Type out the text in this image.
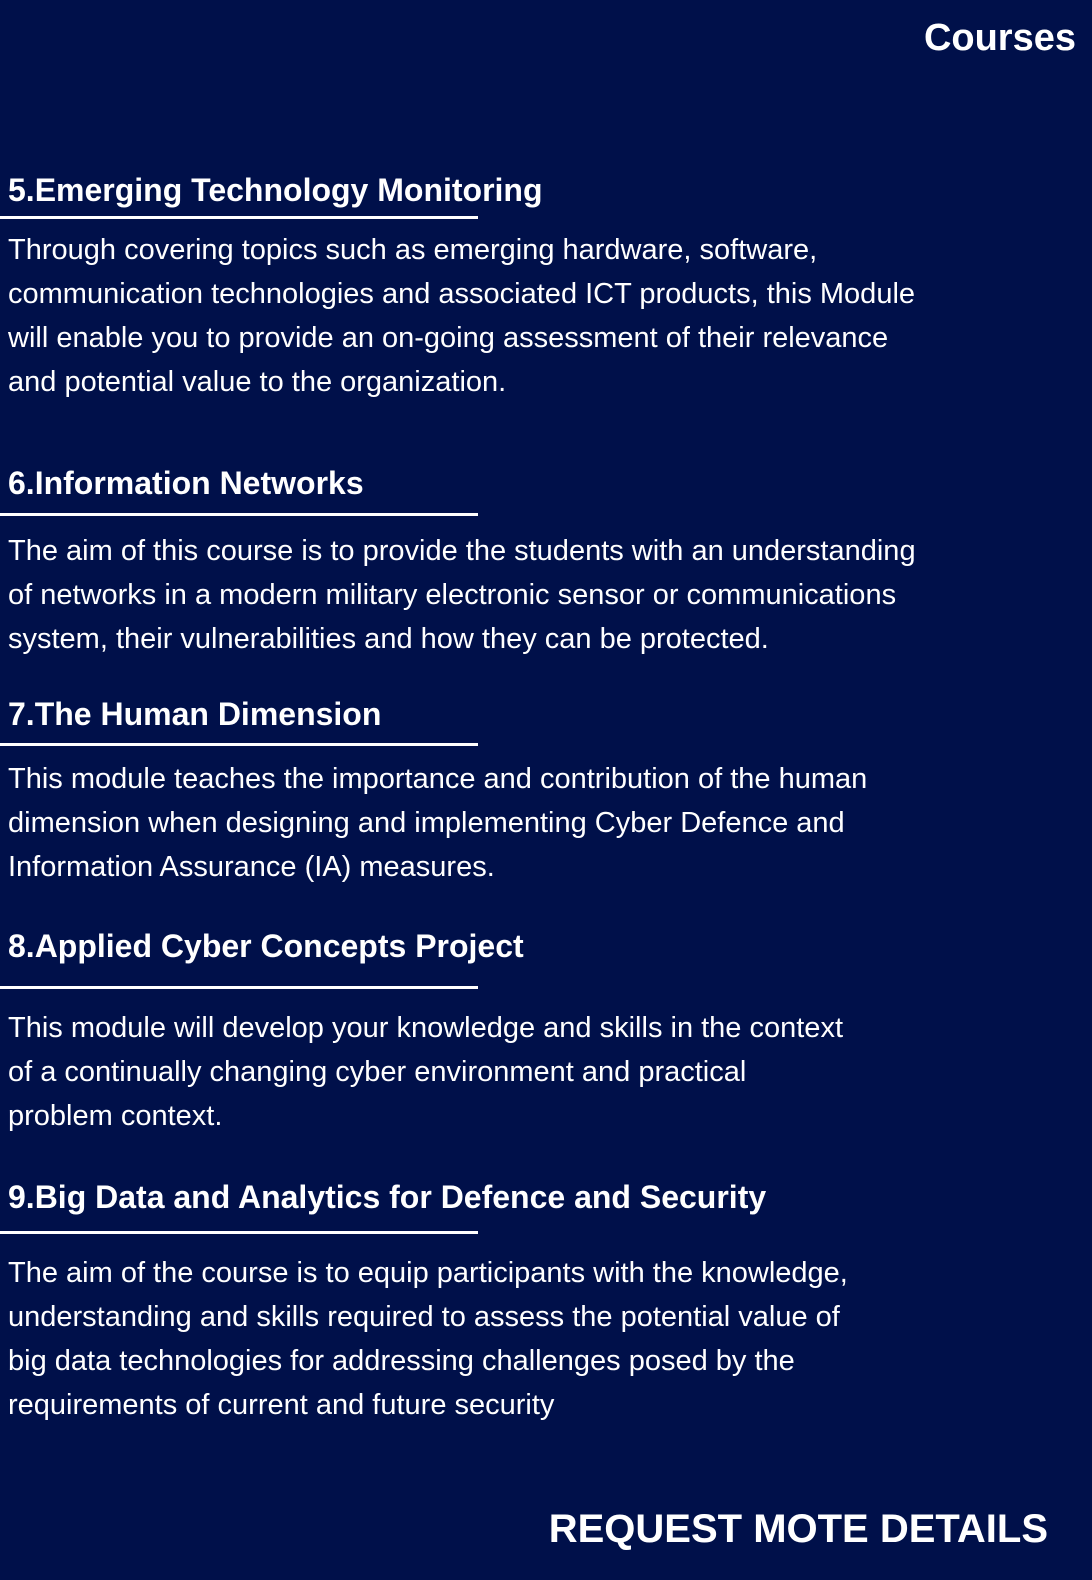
Courses
5.Emerging Technology Monitoring

Through covering topics such as emerging hardware, software,
communication technologies and associated ICT products, this Module
will enable you to provide an on-going assessment of their relevance
and potential value to the organization.

6.Information Networks

The aim of this course is to provide the students with an understanding
of networks in a modern military electronic sensor or communications
system, their vulnerabilities and how they can be protected.

7.The Human Dimension

This module teaches the importance and contribution of the human
dimension when designing and implementing Cyber Defence and
Information Assurance (IA) measures.

8.Applied Cyber Concepts Project

This module will develop your knowledge and skills in the context
of a continually changing cyber environment and practical
problem context.

9.Big Data and Analytics for Defence and Security

The aim of the course is to equip participants with the knowledge,
understanding and skills required to assess the potential value of
big data technologies for addressing challenges posed by the
requirements of current and future security

REQUEST MOTE DETAILS
